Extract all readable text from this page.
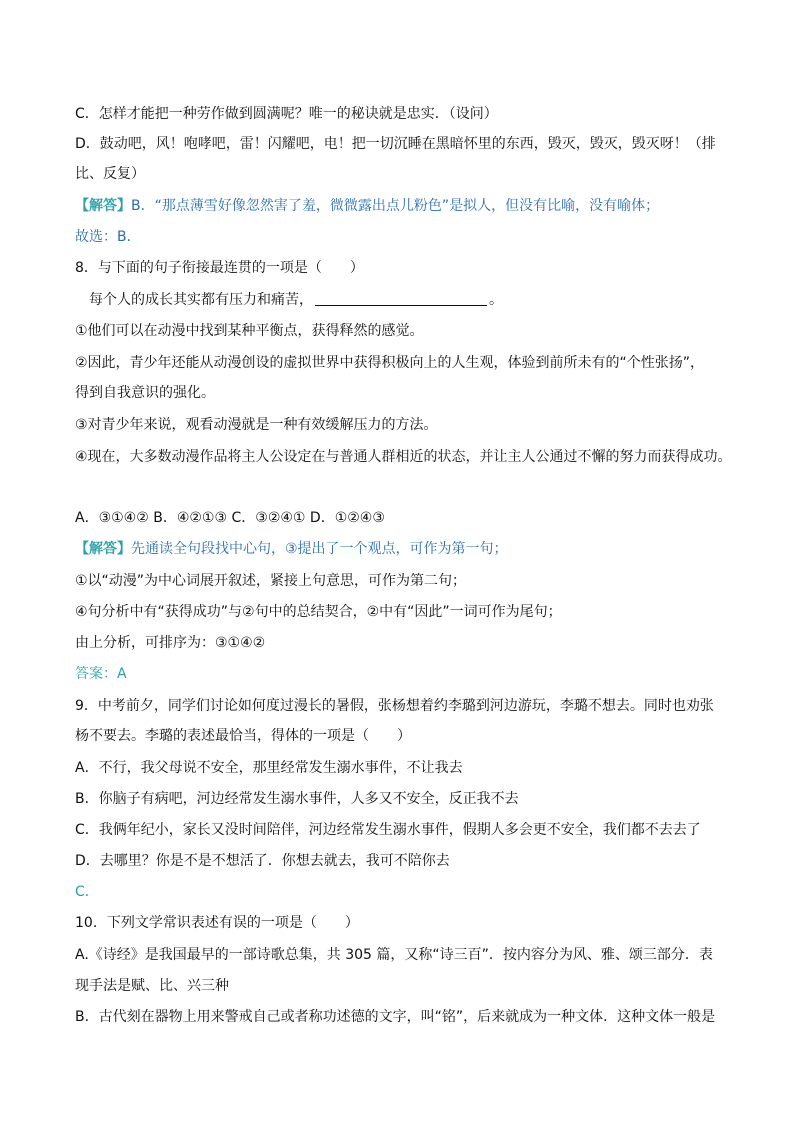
C．怎样才能把一种劳作做到圆满呢？唯一的秘诀就是忠实．（设问）
D．鼓动吧，风！咆哮吧，雷！闪耀吧，电！把一切沉睡在黑暗怀里的东西，毁灭，毁灭，毁灭呀！（排
比、反复）
【解答】B．“那点薄雪好像忽然害了羞，微微露出点儿粉色”是拟人，但没有比喻，没有喻体；
故选：B．
8．与下面的句子衔接最连贯的一项是（　　）
每个人的成长其实都有压力和痛苦，	。
①他们可以在动漫中找到某种平衡点，获得释然的感觉。
②因此，青少年还能从动漫创设的虚拟世界中获得积极向上的人生观，体验到前所未有的“个性张扬”，
得到自我意识的强化。
③对青少年来说，观看动漫就是一种有效缓解压力的方法。
④现在，大多数动漫作品将主人公设定在与普通人群相近的状态，并让主人公通过不懈的努力而获得成功。
A．③①④② B．④②①③ C．③②④① D．①②④③
【解答】先通读全句段找中心句，③提出了一个观点，可作为第一句；
①以“动漫”为中心词展开叙述，紧接上句意思，可作为第二句；
④句分析中有“获得成功”与②句中的总结契合，②中有“因此”一词可作为尾句；
由上分析，可排序为：③①④②
答案：A
9．中考前夕，同学们讨论如何度过漫长的暑假，张杨想着约李璐到河边游玩，李璐不想去。同时也劝张
杨不要去。李璐的表述最恰当，得体的一项是（　　）
A．不行，我父母说不安全，那里经常发生溺水事件，不让我去
B．你脑子有病吧，河边经常发生溺水事件，人多又不安全，反正我不去
C．我俩年纪小，家长又没时间陪伴，河边经常发生溺水事件，假期人多会更不安全，我们都不去去了
D．去哪里？你是不是不想活了．你想去就去，我可不陪你去
C．
10．下列文学常识表述有误的一项是（　　）
A.《诗经》是我国最早的一部诗歌总集，共 305 篇，又称“诗三百”．按内容分为风、雅、颂三部分．表
现手法是赋、比、兴三种
B．古代刻在器物上用来警戒自己或者称功述德的文字，叫“铭”，后来就成为一种文体．这种文体一般是
